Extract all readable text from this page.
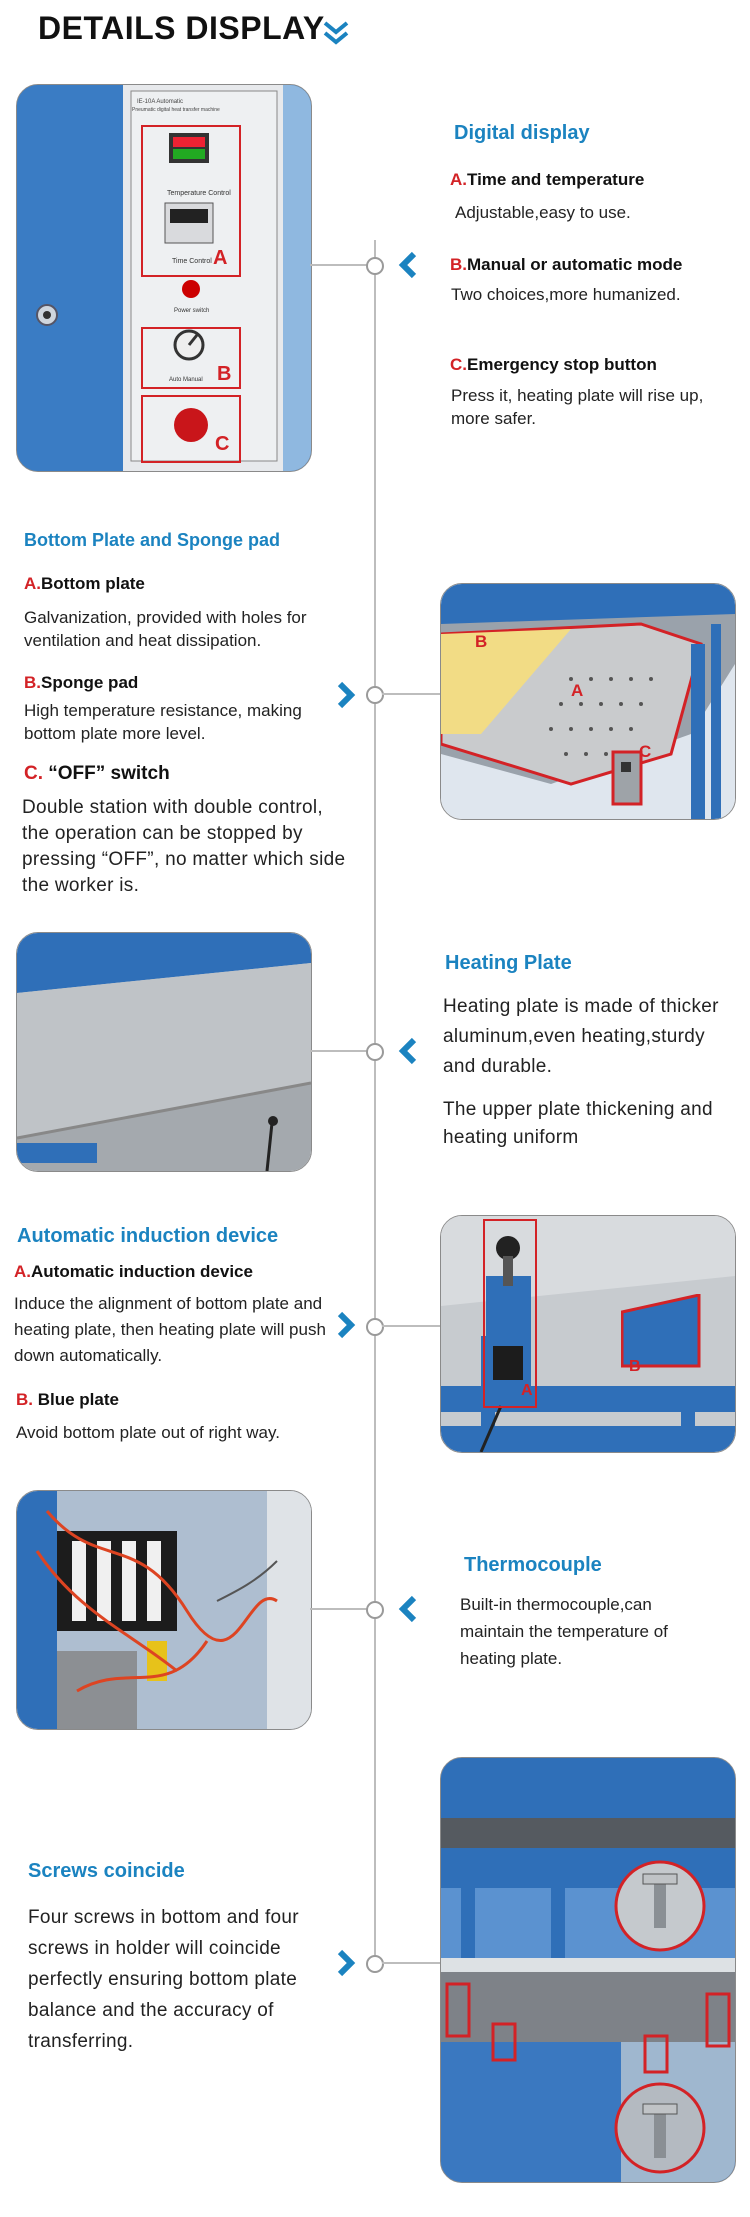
DETAILS DISPLAY
IE-10A Automatic
Pneumatic digital heat transfer machine
Temperature Control
Time Control
Power switch
Auto Manual
A
B
C
Digital display
A.Time and temperature
Adjustable,easy to use.
B.Manual or automatic mode
Two choices,more humanized.
C.Emergency stop button
Press it, heating plate will rise up, more safer.
Bottom Plate and Sponge pad
A.Bottom plate
Galvanization, provided with holes for ventilation and heat dissipation.
B.Sponge pad
High temperature resistance, making bottom plate more level.
C. “OFF” switch
Double station with double control, the operation can be stopped by pressing “OFF”, no matter which side the worker is.
B
A
C
Heating Plate
Heating plate is made of thicker aluminum,even heating,sturdy and durable.
The upper plate thickening and heating uniform
Automatic induction device
A.Automatic induction device
Induce the alignment of bottom plate and heating plate, then heating plate will push down automatically.
B. Blue plate
Avoid bottom plate out of right way.
A
B
Thermocouple
Built-in thermocouple,can maintain the temperature of heating plate.
Screws coincide
Four screws in bottom and four screws in holder will coincide perfectly ensuring bottom plate balance and the accuracy of transferring.
